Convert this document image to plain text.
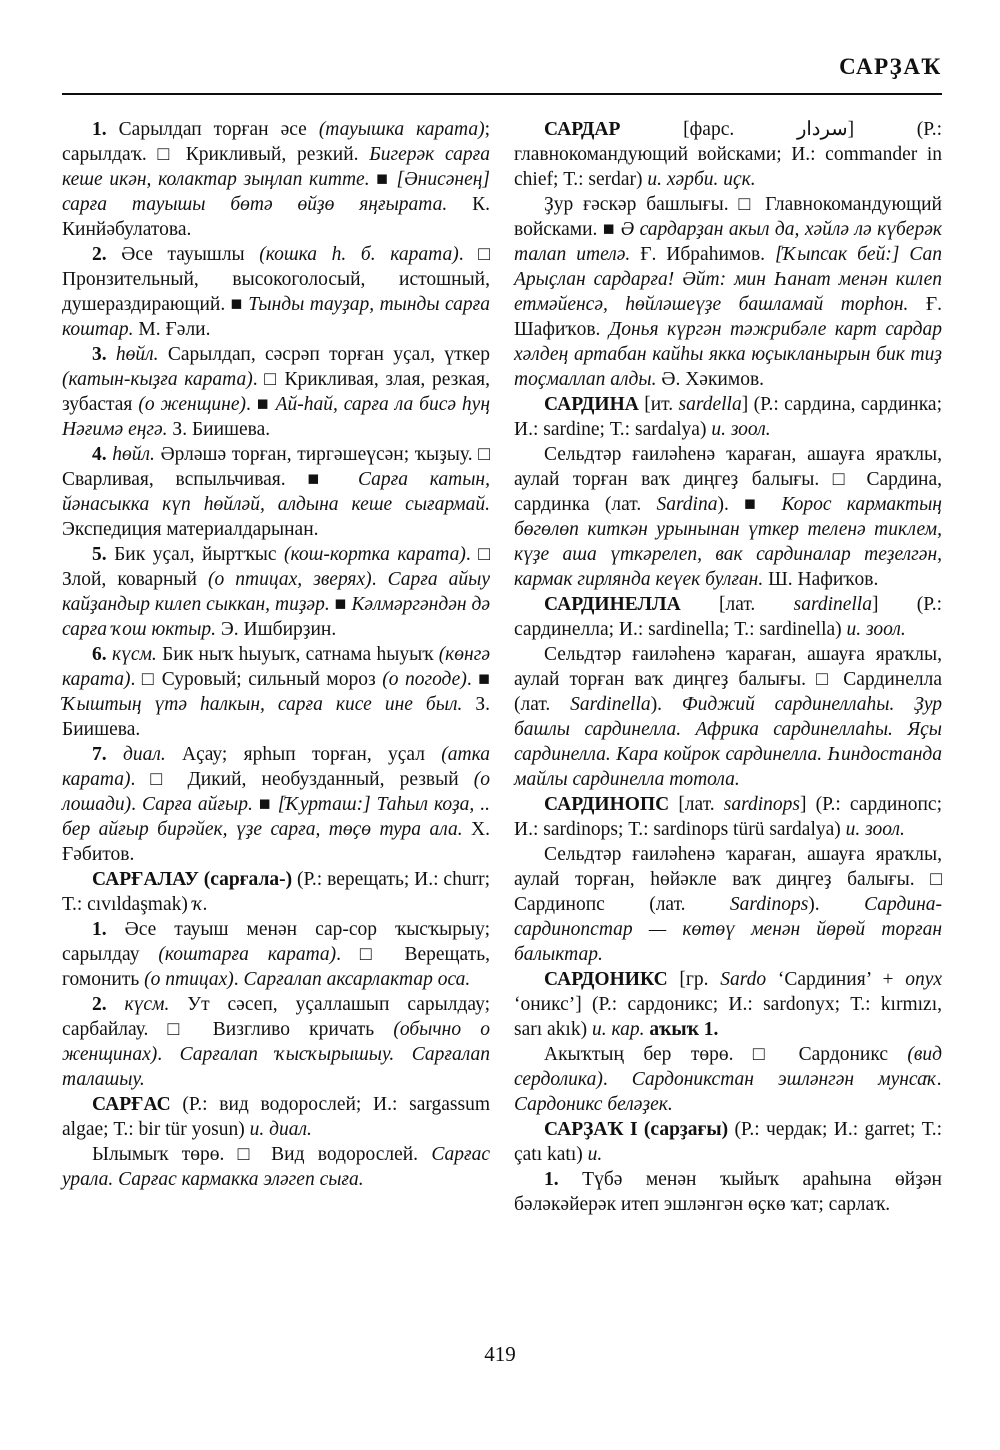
САРҘАҠ

1. Сарылдап торған әсе (тауышка карата); сарылдаҡ. □ Крикливый, резкий. Бигерәк сарға кеше икән, колактар зыңлап китте. ■ [Әнисәнең] сарға тауышы бөтә өйҙө яңғырата. К. Кинйәбулатова.

2. Әсе тауышлы (кошка һ. б. карата). □ Пронзительный, высокоголосый, истошный, душераздирающий. ■ Тынды тауҙар, тынды сарға коштар. М. Ғәли.

3. һөйл. Сарылдап, сәсрәп торған уҫал, үткер (катын-кыҙға карата). □ Крикливая, злая, резкая, зубастая (о женщине). ■ Ай-һай, сарға ла бисә һуң Нәғимә еңгә. З. Биишева.

4. һөйл. Әрләшә торған, тиргәшеүсән; ҡыҙыу. □ Сварливая, вспыльчивая. ■ Сарға катын, йәнасыкка күп һөйләй, алдына кеше сығармай. Экспедиция материалдарынан.

5. Бик уҫал, йыртҡыс (кош-кортка карата). □ Злой, коварный (о птицах, зверях). Сарға айыу кайҙандыр килеп сыккан, тиҙәр. ■ Кәлмәргәндән дә сарға ҡош юктыр. Э. Ишбирҙин.

6. күсм. Бик ныҡ һыуыҡ, сатнама һыуыҡ (көнгә карата). □ Суровый; сильный мороз (о погоде). ■ Ҡыштың үтә һалкын, сарға кисе ине был. З. Биишева.

7. диал. Аҫау; ярһып торған, уҫал (атка карата). □ Дикий, необузданный, резвый (о лошади). Сарға айғыр. ■ [Ҡурташ:] Таһыл коҙа, .. бер айғыр бирәйек, үҙе сарға, төҫө тура ала. Х. Ғәбитов.

САРҒАЛАУ (сарғала-) (Р.: верещать; И.: churr; Т.: cıvıldaşmak) ҡ.

1. Әсе тауыш менән сар-сор ҡысҡырыу; сарылдау (коштарға карата). □ Верещать, гомонить (о птицах). Сарғалап аксарлактар оса.

2. күсм. Ут сәсеп, уҫаллашып сарылдау; сарбайлау. □ Визгливо кричать (обычно о женщинах). Сарғалап ҡысҡырышыу. Сарғалап талашыу.

САРҒАС (Р.: вид водорослей; И.: sargassum algae; Т.: bir tür yosun) и. диал.

Ылымыҡ төрө. □ Вид водорослей. Сарғас урала. Сарғас кармакка эләгеп сыға.

САРДАР [фарс. سردار] (Р.: главнокомандующий войсками; И.: commander in chief; Т.: serdar) и. хәрби. иҫк.

Ҙур ғәскәр башлығы. □ Главнокомандующий войсками. ■ Ә сардарҙан акыл да, хәйлә лә күберәк талап ителә. Ғ. Ибраһимов. [Ҡыпсак бей:] Сап Арыҫлан сардарға! Әйт: мин Һанат менән килеп етмәйенсә, һөйләшеүҙе башламай торһон. Ғ. Шафиҡов. Донья күргән тәжрибәле карт сардар хәлдең артабан кайһы якка юҫыкланырын бик тиҙ тоҫмаллап алды. Ә. Хәкимов.

САРДИНА [ит. sardella] (Р.: сардина, сардинка; И.: sardine; Т.: sardalya) и. зоол.

Сельдтәр ғаиләһенә ҡараған, ашауға яраҡлы, аулай торған ваҡ диңгеҙ балығы. □ Сардина, сардинка (лат. Sardina). ■ Корос кармактың бөгөлөп киткән урынынан үткер теленә тиклем, күҙе аша үткәрелеп, вак сардиналар теҙелгән, кармак гирлянда кеүек булған. Ш. Нафиҡов.

САРДИНЕЛЛА [лат. sardinella] (Р.: сардинелла; И.: sardinella; Т.: sardinella) и. зоол.

Сельдтәр ғаиләһенә ҡараған, ашауға яраҡлы, аулай торған ваҡ диңгеҙ балығы. □ Сардинелла (лат. Sardinella). Фиджий сардинеллаһы. Ҙур башлы сардинелла. Африка сардинеллаһы. Яҫы сардинелла. Кара койрок сардинелла. Һиндостанда майлы сардинелла тотола.

САРДИНОПС [лат. sardinops] (Р.: сардинопс; И.: sardinops; Т.: sardinops türü sardalya) и. зоол.

Сельдтәр ғаиләһенә ҡараған, ашауға яраҡлы, аулай торған, һөйәкле ваҡ диңгеҙ балығы. □ Сардинопс (лат. Sardinops). Сардина-сардинопстар — көтөү менән йөрөй торған балыктар.

САРДОНИКС [гр. Sardo ‘Сардиния’ + onyx ‘оникс’] (Р.: сардоникс; И.: sardonyx; Т.: kırmızı, sarı akık) и. кар. аҡыҡ 1.

Акыҡтың бер төрө. □ Сардоникс (вид сердолика). Сардоникстан эшләнгән мунсаҡ. Сардоникс беләҙек.

САРҘАҠ I (сарҙағы) (Р.: чердак; И.: garret; Т.: çatı katı) и.

1. Түбә менән ҡыйыҡ араһына өйҙән бәләкәйерәк итеп эшләнгән өҫкө ҡат; сарлаҡ.

419
